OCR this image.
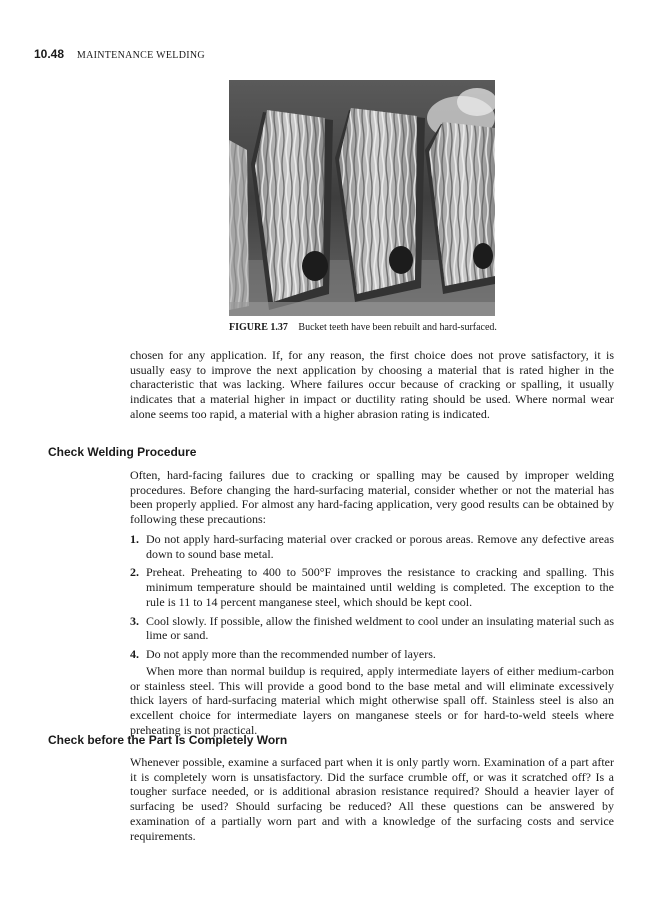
10.48 MAINTENANCE WELDING
FIGURE 1.37 Bucket teeth have been rebuilt and hard-surfaced.

chosen for any application. If, for any reason, the first choice does not prove satisfactory, it is usually easy to improve the next application by choosing a material that is rated higher in the characteristic that was lacking. Where failures occur because of cracking or spalling, it usually indicates that a material higher in impact or ductility rating should be used. Where normal wear alone seems too rapid, a material with a higher abrasion rating is indicated.

Check Welding Procedure

Often, hard-facing failures due to cracking or spalling may be caused by improper welding procedures. Before changing the hard-surfacing material, consider whether or not the material has been properly applied. For almost any hard-facing application, very good results can be obtained by following these precautions:

1. Do not apply hard-surfacing material over cracked or porous areas. Remove any defective areas down to sound base metal.
2. Preheat. Preheating to 400 to 500°F improves the resistance to cracking and spalling. This minimum temperature should be maintained until welding is completed. The exception to the rule is 11 to 14 percent manganese steel, which should be kept cool.
3. Cool slowly. If possible, allow the finished weldment to cool under an insulating material such as lime or sand.
4. Do not apply more than the recommended number of layers.

When more than normal buildup is required, apply intermediate layers of either medium-carbon or stainless steel. This will provide a good bond to the base metal and will eliminate excessively thick layers of hard-surfacing material which might otherwise spall off. Stainless steel is also an excellent choice for intermediate layers on manganese steels or for hard-to-weld steels where preheating is not practical.

Check before the Part Is Completely Worn

Whenever possible, examine a surfaced part when it is only partly worn. Examination of a part after it is completely worn is unsatisfactory. Did the surface crumble off, or was it scratched off? Is a tougher surface needed, or is additional abrasion resistance required? Should a heavier layer of surfacing be used? Should surfacing be reduced? All these questions can be answered by examination of a partially worn part and with a knowledge of the surfacing costs and service requirements.
